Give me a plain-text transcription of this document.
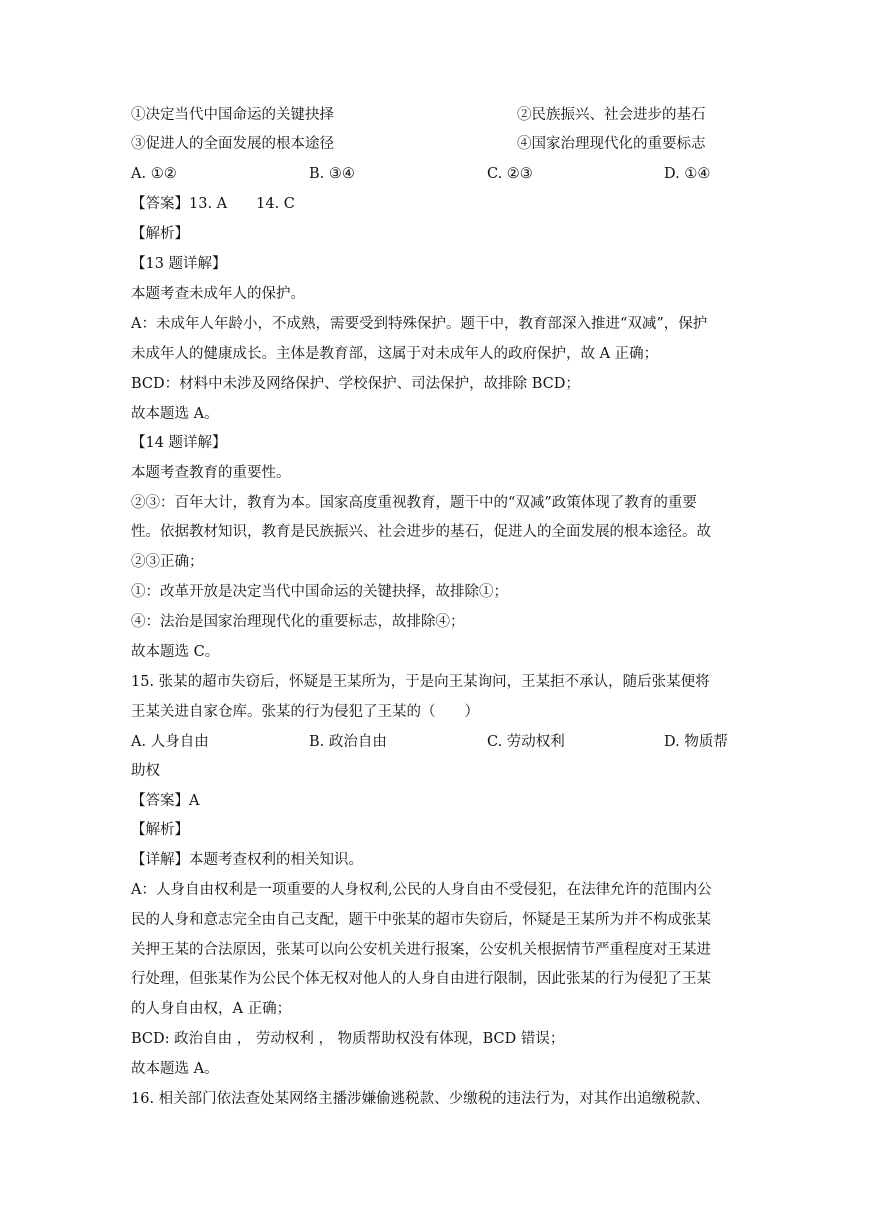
①决定当代中国命运的关键抉择	②民族振兴、社会进步的基石
③促进人的全面发展的根本途径	④国家治理现代化的重要标志
A. ①②	B. ③④	C. ②③	D. ①④
【答案】13. A　　14. C
【解析】
【13 题详解】
本题考查未成年人的保护。
A：未成年人年龄小，不成熟，需要受到特殊保护。题干中，教育部深入推进“双减”，保护
未成年人的健康成长。主体是教育部，这属于对未成年人的政府保护，故 A 正确；
BCD：材料中未涉及网络保护、学校保护、司法保护，故排除 BCD；
故本题选 A。
【14 题详解】
本题考查教育的重要性。
②③：百年大计，教育为本。国家高度重视教育，题干中的“双减”政策体现了教育的重要
性。依据教材知识，教育是民族振兴、社会进步的基石，促进人的全面发展的根本途径。故
②③正确；
①：改革开放是决定当代中国命运的关键抉择，故排除①；
④：法治是国家治理现代化的重要标志，故排除④；
故本题选 C。
15. 张某的超市失窃后，怀疑是王某所为，于是向王某询问，王某拒不承认，随后张某便将
王某关进自家仓库。张某的行为侵犯了王某的（　　）
A. 人身自由	B. 政治自由	C. 劳动权利	D. 物质帮
助权
【答案】A
【解析】
【详解】本题考查权利的相关知识。
A：人身自由权利是一项重要的人身权利,公民的人身自由不受侵犯，在法律允许的范围内公
民的人身和意志完全由自己支配，题干中张某的超市失窃后，怀疑是王某所为并不构成张某
关押王某的合法原因，张某可以向公安机关进行报案，公安机关根据情节严重程度对王某进
行处理，但张某作为公民个体无权对他人的人身自由进行限制，因此张某的行为侵犯了王某
的人身自由权，A 正确；
BCD: 政治自由 ， 劳动权利 ， 物质帮助权没有体现，BCD 错误；
故本题选 A。
16. 相关部门依法查处某网络主播涉嫌偷逃税款、少缴税的违法行为，对其作出追缴税款、
